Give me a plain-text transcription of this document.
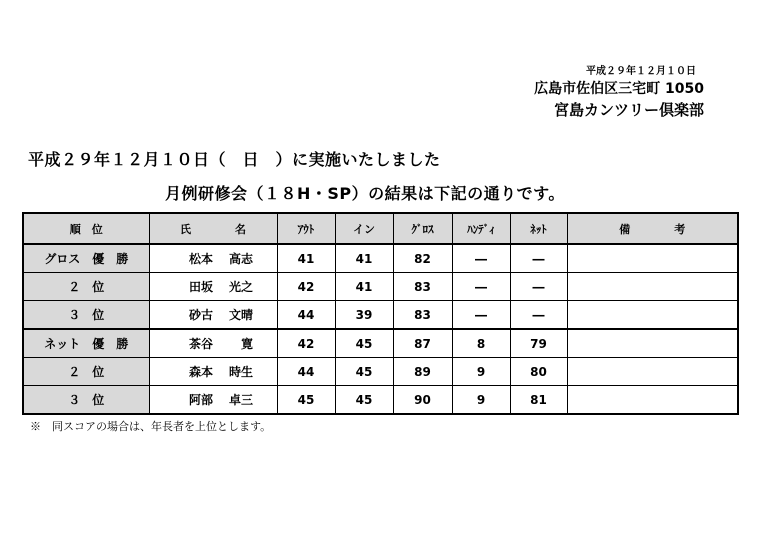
平成２９年１２月１０日
広島市佐伯区三宅町 1050
宮島カンツリー倶楽部
平成２９年１２月１０日（　日　）に実施いたしました
月例研修会（１８H・SP）の結果は下記の通りです。
順　位	氏　　　　名	ｱｳﾄ	イン	ｸﾞﾛｽ	ﾊﾝﾃﾞｨ	ﾈｯﾄ	備　　　　考
グロス　優　勝	松本 高志	41	41	82	―	―	
２　位	田坂 光之	42	41	83	―	―	
３　位	砂古 文晴	44	39	83	―	―	
ネット　優　勝	茶谷　寛	42	45	87	8	79	
２　位	森本 時生	44	45	89	9	80	
３　位	阿部 卓三	45	45	90	9	81	
※　同スコアの場合は、年長者を上位とします。
